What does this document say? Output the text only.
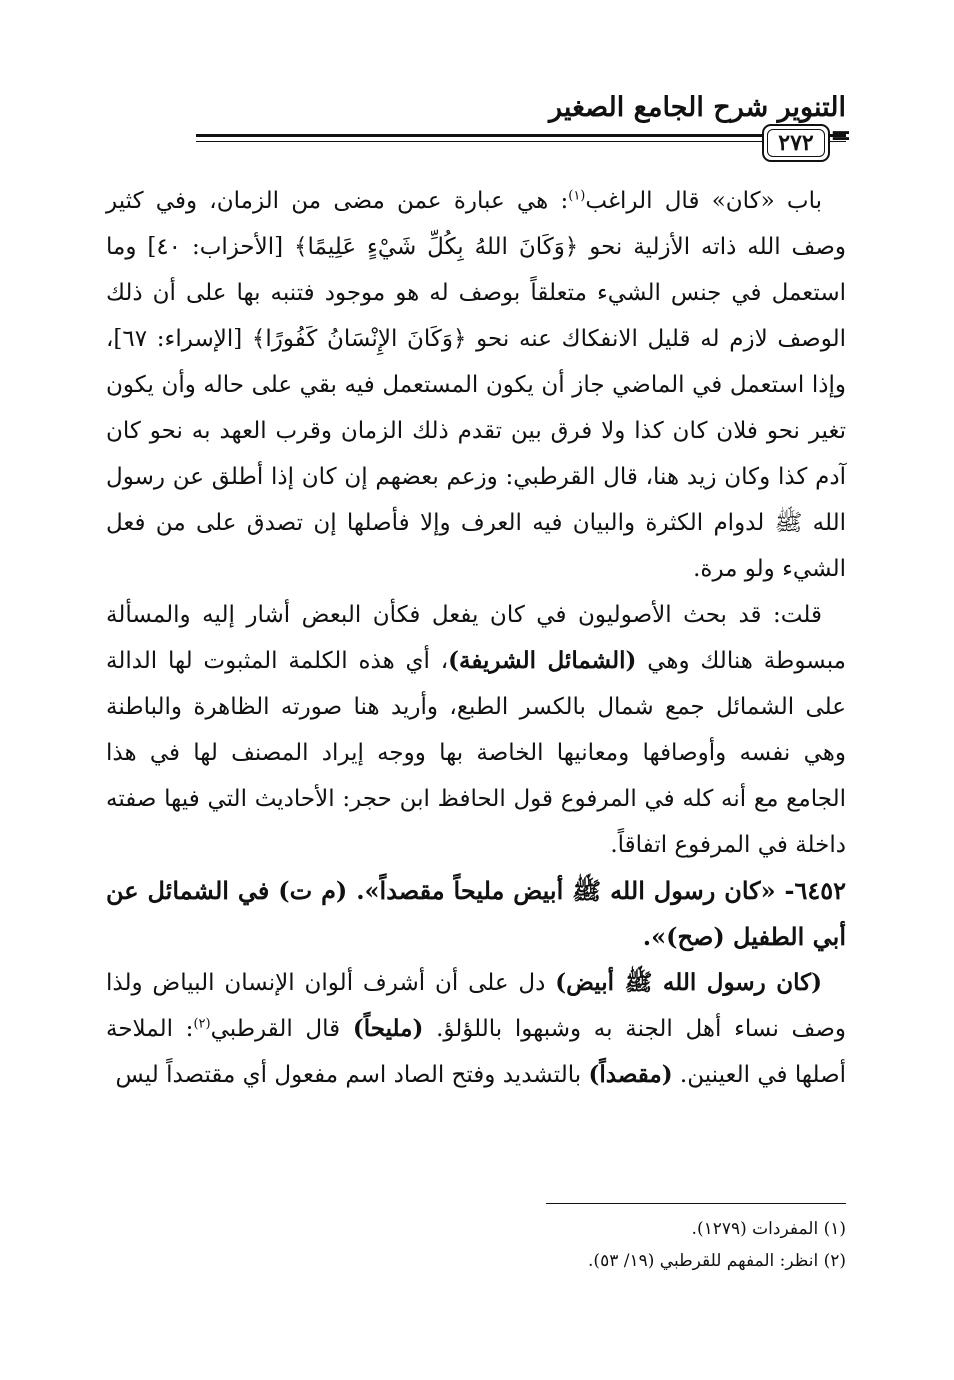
التنوير شرح الجامع الصغير
٢٧٢ =

باب «كان» قال الراغب$^{(١)}$: هي عبارة عمن مضى من الزمان، وفي كثير وصف الله ذاته الأزلية نحو ﴿وَكَانَ اللهُ بِكُلِّ شَيْءٍ عَلِيمًا﴾ [الأحزاب: ٤٠] وما استعمل في جنس الشيء متعلقاً بوصف له هو موجود فتنبه بها على أن ذلك الوصف لازم له قليل الانفكاك عنه نحو ﴿وَكَانَ الإِنْسَانُ كَفُورًا﴾ [الإسراء: ٦٧]، وإذا استعمل في الماضي جاز أن يكون المستعمل فيه بقي على حاله وأن يكون تغير نحو فلان كان كذا ولا فرق بين تقدم ذلك الزمان وقرب العهد به نحو كان آدم كذا وكان زيد هنا، قال القرطبي: وزعم بعضهم إن كان إذا أطلق عن رسول الله ﷺ لدوام الكثرة والبيان فيه العرف وإلا فأصلها إن تصدق على من فعل الشيء ولو مرة.

قلت: قد بحث الأصوليون في كان يفعل فكأن البعض أشار إليه والمسألة مبسوطة هنالك وهي (الشمائل الشريفة)، أي هذه الكلمة المثبوت لها الدالة على الشمائل جمع شمال بالكسر الطبع، وأريد هنا صورته الظاهرة والباطنة وهي نفسه وأوصافها ومعانيها الخاصة بها ووجه إيراد المصنف لها في هذا الجامع مع أنه كله في المرفوع قول الحافظ ابن حجر: الأحاديث التي فيها صفته داخلة في المرفوع اتفاقاً.

٦٤٥٢- «كان رسول الله ﷺ أبيض مليحاً مقصداً». (م ت) في الشمائل عن أبي الطفيل (صح)».

(كان رسول الله ﷺ أبيض) دل على أن أشرف ألوان الإنسان البياض ولذا وصف نساء أهل الجنة به وشبهوا باللؤلؤ. (مليحاً) قال القرطبي$^{(٢)}$: الملاحة أصلها في العينين. (مقصداً) بالتشديد وفتح الصاد اسم مفعول أي مقتصداً ليس

(١) المفردات (١٢٧٩).
(٢) انظر: المفهم للقرطبي (١٩/ ٥٣).
